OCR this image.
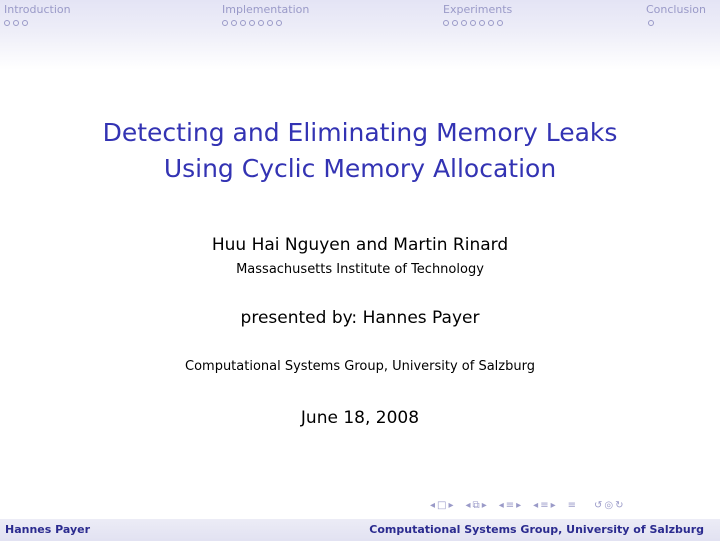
Introduction	Implementation	Experiments	Conclusion
Detecting and Eliminating Memory Leaks
Using Cyclic Memory Allocation
Huu Hai Nguyen and Martin Rinard
Massachusetts Institute of Technology
presented by: Hannes Payer
Computational Systems Group, University of Salzburg
June 18, 2008
◂ □ ▸ ◂ ⧉ ▸ ◂ ≡ ▸ ◂ ≡ ▸ ≡ ↺ ◎ ↻
Hannes Payer	Computational Systems Group, University of Salzburg
